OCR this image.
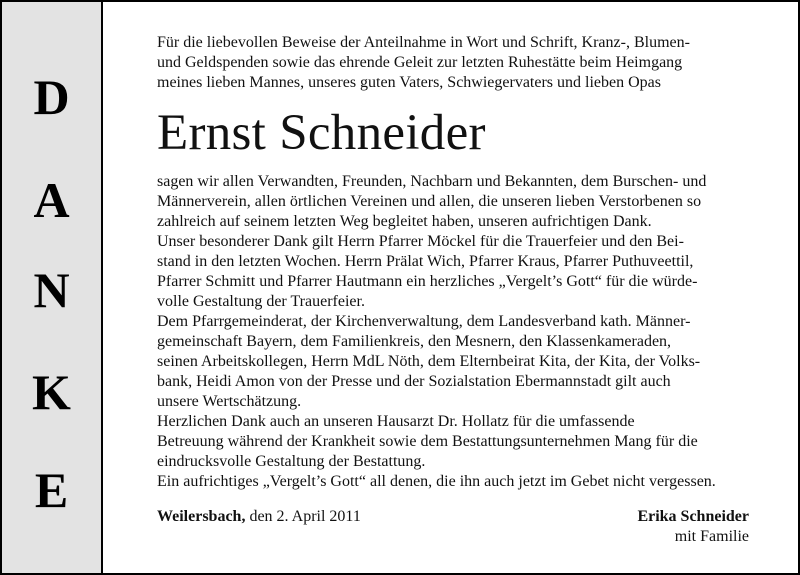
D
A
N
K
E

Für die liebevollen Beweise der Anteilnahme in Wort und Schrift, Kranz-, Blumen-

und Geldspenden sowie das ehrende Geleit zur letzten Ruhestätte beim Heimgang

meines lieben Mannes, unseres guten Vaters, Schwiegervaters und lieben Opas

Ernst Schneider

sagen wir allen Verwandten, Freunden, Nachbarn und Bekannten, dem Burschen- und

Männerverein, allen örtlichen Vereinen und allen, die unseren lieben Verstorbenen so

zahlreich auf seinem letzten Weg begleitet haben, unseren aufrichtigen Dank.

Unser besonderer Dank gilt Herrn Pfarrer Möckel für die Trauerfeier und den Bei-

stand in den letzten Wochen. Herrn Prälat Wich, Pfarrer Kraus, Pfarrer Puthuveettil,

Pfarrer Schmitt und Pfarrer Hautmann ein herzliches „Vergelt’s Gott“ für die würde-

volle Gestaltung der Trauerfeier.

Dem Pfarrgemeinderat, der Kirchenverwaltung, dem Landesverband kath. Männer-

gemeinschaft Bayern, dem Familienkreis, den Mesnern, den Klassenkameraden,

seinen Arbeitskollegen, Herrn MdL Nöth, dem Elternbeirat Kita, der Kita, der Volks-

bank, Heidi Amon von der Presse und der Sozialstation Ebermannstadt gilt auch

unsere Wertschätzung.

Herzlichen Dank auch an unseren Hausarzt Dr. Hollatz für die umfassende

Betreuung während der Krankheit sowie dem Bestattungsunternehmen Mang für die

eindrucksvolle Gestaltung der Bestattung.

Ein aufrichtiges „Vergelt’s Gott“ all denen, die ihn auch jetzt im Gebet nicht vergessen.

Weilersbach, den 2. April 2011	Erika Schneider
mit Familie
